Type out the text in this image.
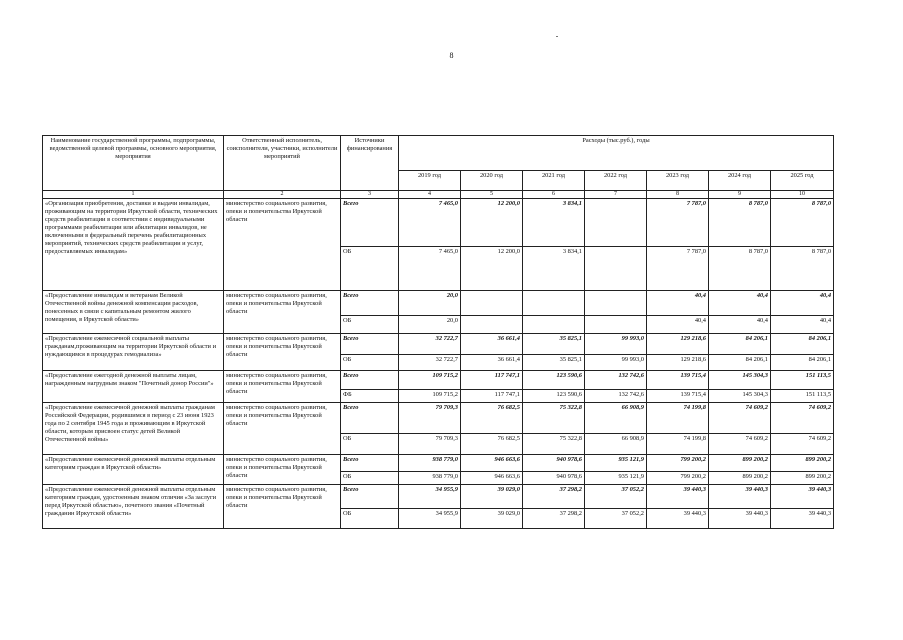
8
Наименование государственной программы, подпрограммы, ведомственной целевой программы, основного мероприятия, мероприятия	Ответственный исполнитель, соисполнители, участники, исполнители мероприятий	Источники финансирования	Расходы (тыс.руб.), годы						
			2019 год	2020 год	2021 год	2022 год	2023 год	2024 год	2025 год
1	2	3	4	5	6	7	8	9	10
«Организация приобретения, доставки и выдачи инвалидам, проживающим на территории Иркутской области, технических средств реабилитации в соответствии с индивидуальными программами реабилитации или абилитации инвалидов, не включенными в федеральный перечень реабилитационных мероприятий, технических средств реабилитации и услуг, предоставляемых инвалидам»	министерство социального развития, опеки и попечительства Иркутской области	Всего	7 465,0	12 200,0	3 834,1		7 787,0	8 787,0	8 787,0
		ОБ	7 465,0	12 200,0	3 834,1		7 787,0	8 787,0	8 787,0
«Предоставление инвалидам и ветеранам Великой Отечественной войны денежной компенсации расходов, понесенных в связи с капитальным ремонтом жилого помещения, в Иркутской области»	министерство социального развития, опеки и попечительства Иркутской области	Всего	20,0				40,4	40,4	40,4
		ОБ	20,0				40,4	40,4	40,4
«Предоставление ежемесячной социальной выплаты гражданам,проживающим на территории Иркутской области и нуждающимся в процедурах гемодиализа»	министерство социального развития, опеки и попечительства Иркутской области	Всего	32 722,7	36 661,4	35 825,1	99 993,0	129 218,6	84 206,1	84 206,1
		ОБ	32 722,7	36 661,4	35 825,1	99 993,0	129 218,6	84 206,1	84 206,1
«Предоставление ежегодной денежной выплаты лицам, награжденным нагрудным знаком "Почетный донор России"»	министерство социального развития, опеки и попечительства Иркутской области	Всего	109 715,2	117 747,1	123 590,6	132 742,6	139 715,4	145 304,3	151 113,5
		ФБ	109 715,2	117 747,1	123 590,6	132 742,6	139 715,4	145 304,3	151 113,5
«Предоставление ежемесячной денежной выплаты гражданам Российской Федерации, родившимся в период с 23 июня 1923 года по 2 сентября 1945 года и проживающим в Иркутской области, которым присвоен статус детей Великой Отечественной войны»	министерство социального развития, опеки и попечительства Иркутской области	Всего	79 709,3	76 682,5	75 322,8	66 908,9	74 199,8	74 609,2	74 609,2
		ОБ	79 709,3	76 682,5	75 322,8	66 908,9	74 199,8	74 609,2	74 609,2
«Предоставление ежемесячной денежной выплаты отдельным категориям граждан в Иркутской области»	министерство социального развития, опеки и попечительства Иркутской области	Всего	938 779,0	946 663,6	940 978,6	935 121,9	799 200,2	899 200,2	899 200,2
		ОБ	938 779,0	946 663,6	940 978,6	935 121,9	799 200,2	899 200,2	899 200,2
«Предоставление ежемесячной денежной выплаты отдельным категориям граждан, удостоенным знаком отличия «За заслуги перед Иркутской областью», почетного звания «Почетный гражданин Иркутской области»	министерство социального развития, опеки и попечительства Иркутской области	Всего	34 955,9	39 029,0	37 298,2	37 052,2	39 440,3	39 440,3	39 440,3
		ОБ	34 955,9	39 029,0	37 298,2	37 052,2	39 440,3	39 440,3	39 440,3
